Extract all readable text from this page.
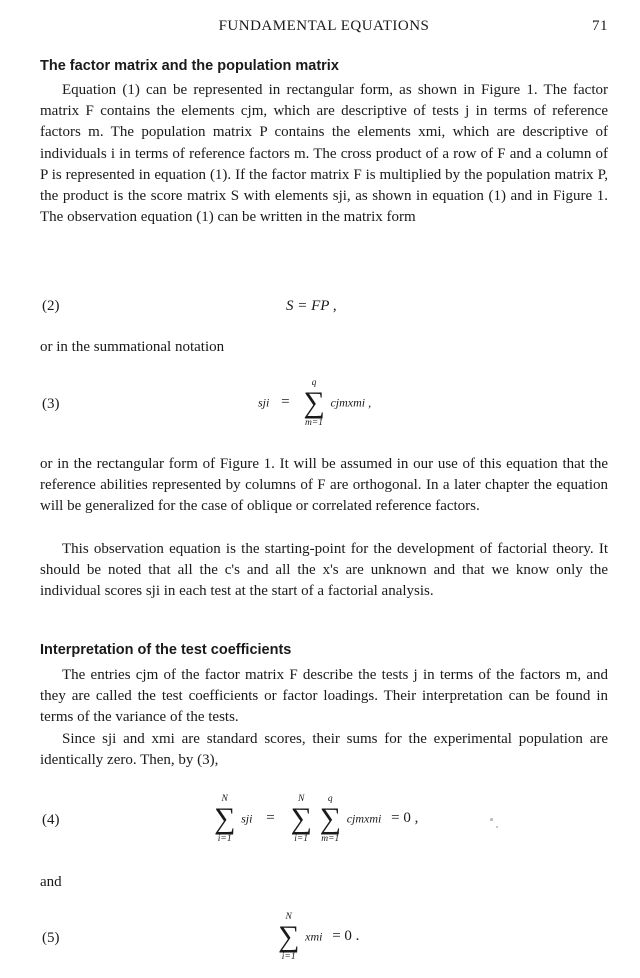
FUNDAMENTAL EQUATIONS	71
The factor matrix and the population matrix

Equation (1) can be represented in rectangular form, as shown in Figure 1. The factor matrix F contains the elements cjm, which are descriptive of tests j in terms of reference factors m. The population matrix P contains the elements xmi, which are descriptive of individuals i in terms of reference factors m. The cross product of a row of F and a column of P is represented in equation (1). If the factor matrix F is multiplied by the population matrix P, the product is the score matrix S with elements sji, as shown in equation (1) and in Figure 1. The observation equation (1) can be written in the matrix form

(2)	S = FP ,
or in the summational notation
(3)	sji =
q
∑
m=1
cjmxmi ,

or in the rectangular form of Figure 1. It will be assumed in our use of this equation that the reference abilities represented by columns of F are orthogonal. In a later chapter the equation will be generalized for the case of oblique or correlated reference factors.

This observation equation is the starting-point for the development of factorial theory. It should be noted that all the c's and all the x's are unknown and that we know only the individual scores sji in each test at the start of a factorial analysis.

Interpretation of the test coefficients

The entries cjm of the factor matrix F describe the tests j in terms of the factors m, and they are called the test coefficients or factor loadings. Their interpretation can be found in terms of the variance of the tests.

Since sji and xmi are standard scores, their sums for the experimental population are identically zero. Then, by (3),

(4)
N
∑
i=1
sji =
N
∑
i=1

q
∑
m=1
cjmxmi = 0 ,
and
(5)
N
∑
i=1
xmi = 0 .
